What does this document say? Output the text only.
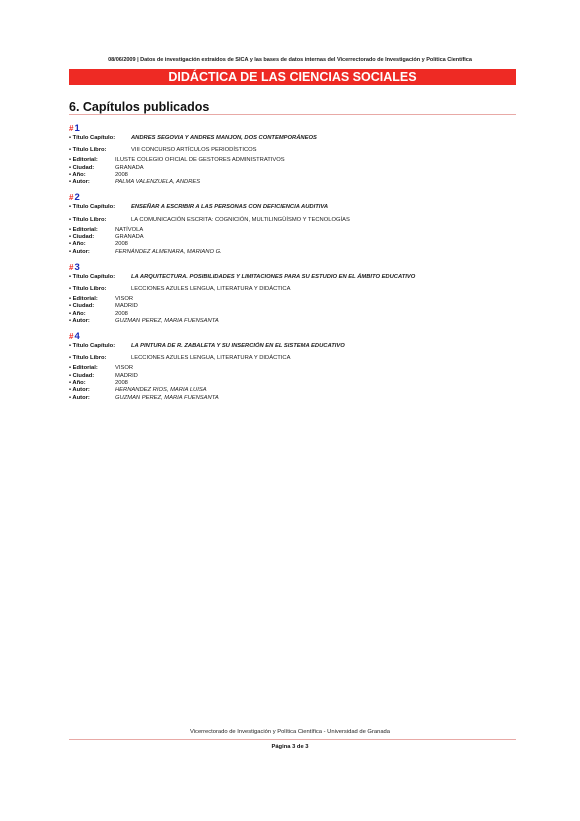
08/06/2009 | Datos de investigación extraídos de SICA y las bases de datos internas del Vicerrectorado de Investigación y Política Científica
DIDÁCTICA DE LAS CIENCIAS SOCIALES
6. Capítulos publicados
#1
• Título Capítulo:	ANDRES SEGOVIA Y ANDRES MANJON, DOS CONTEMPORÁNEOS
• Título Libro:	VIII CONCURSO ARTÍCULOS PERIODÍSTICOS
• Editorial:	ILUSTE COLEGIO OFICIAL DE GESTORES ADMINISTRATIVOS
• Ciudad:	GRANADA
• Año:	2008
• Autor:	PALMA VALENZUELA, ANDRES
#2
• Título Capítulo:	ENSEÑAR A ESCRIBIR A LAS PERSONAS CON DEFICIENCIA AUDITIVA
• Título Libro:	LA COMUNICACIÓN ESCRITA: COGNICIÓN, MULTILINGÜÍSMO Y TECNOLOGÍAS
• Editorial:	NATÍVOLA
• Ciudad:	GRANADA
• Año:	2008
• Autor:	FERNÁNDEZ ALMENARA, MARIANO G.
#3
• Título Capítulo:	LA ARQUITECTURA. POSIBILIDADES Y LIMITACIONES PARA SU ESTUDIO EN EL ÁMBITO EDUCATIVO
• Título Libro:	LECCIONES AZULES LENGUA, LITERATURA Y DIDÁCTICA
• Editorial:	VISOR
• Ciudad:	MADRID
• Año:	2008
• Autor:	GUZMAN PEREZ, MARIA FUENSANTA
#4
• Título Capítulo:	LA PINTURA DE R. ZABALETA Y SU INSERCIÓN EN EL SISTEMA EDUCATIVO
• Título Libro:	LECCIONES AZULES LENGUA, LITERATURA Y DIDÁCTICA
• Editorial:	VISOR
• Ciudad:	MADRID
• Año:	2008
• Autor:	HERNANDEZ RIOS, MARIA LUISA
• Autor:	GUZMAN PEREZ, MARIA FUENSANTA
Vicerrectorado de Investigación y Política Científica - Universidad de Granada
Página 3 de 3
